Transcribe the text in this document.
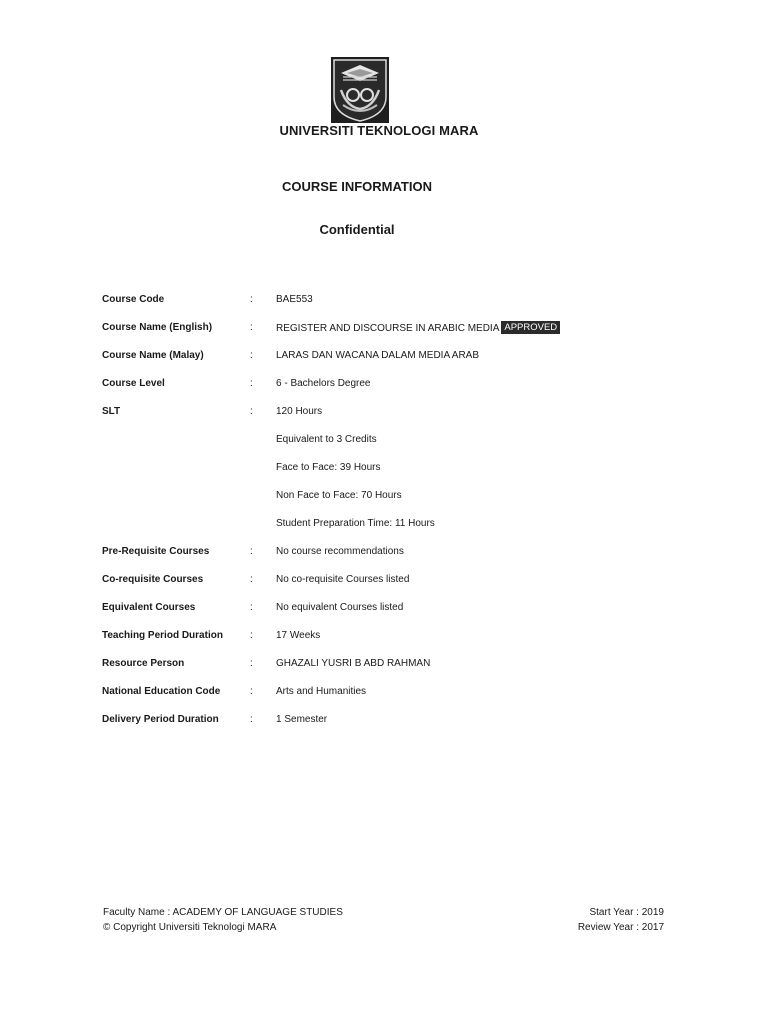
UNIVERSITI TEKNOLOGI MARA
COURSE INFORMATION
Confidential
Course Code	: BAE553
Course Name (English)	: REGISTER AND DISCOURSE IN ARABIC MEDIA APPROVED
Course Name (Malay)	: LARAS DAN WACANA DALAM MEDIA ARAB
Course Level	: 6 - Bachelors Degree
SLT	: 120 Hours
Equivalent to 3 Credits
Face to Face: 39 Hours
Non Face to Face: 70 Hours
Student Preparation Time: 11 Hours
Pre-Requisite Courses	: No course recommendations
Co-requisite Courses	: No co-requisite Courses listed
Equivalent Courses	: No equivalent Courses listed
Teaching Period Duration	: 17 Weeks
Resource Person	: GHAZALI YUSRI B ABD RAHMAN
National Education Code	: Arts and Humanities
Delivery Period Duration	: 1 Semester
Faculty Name : ACADEMY OF LANGUAGE STUDIES
© Copyright Universiti Teknologi MARA
Start Year : 2019
Review Year : 2017
